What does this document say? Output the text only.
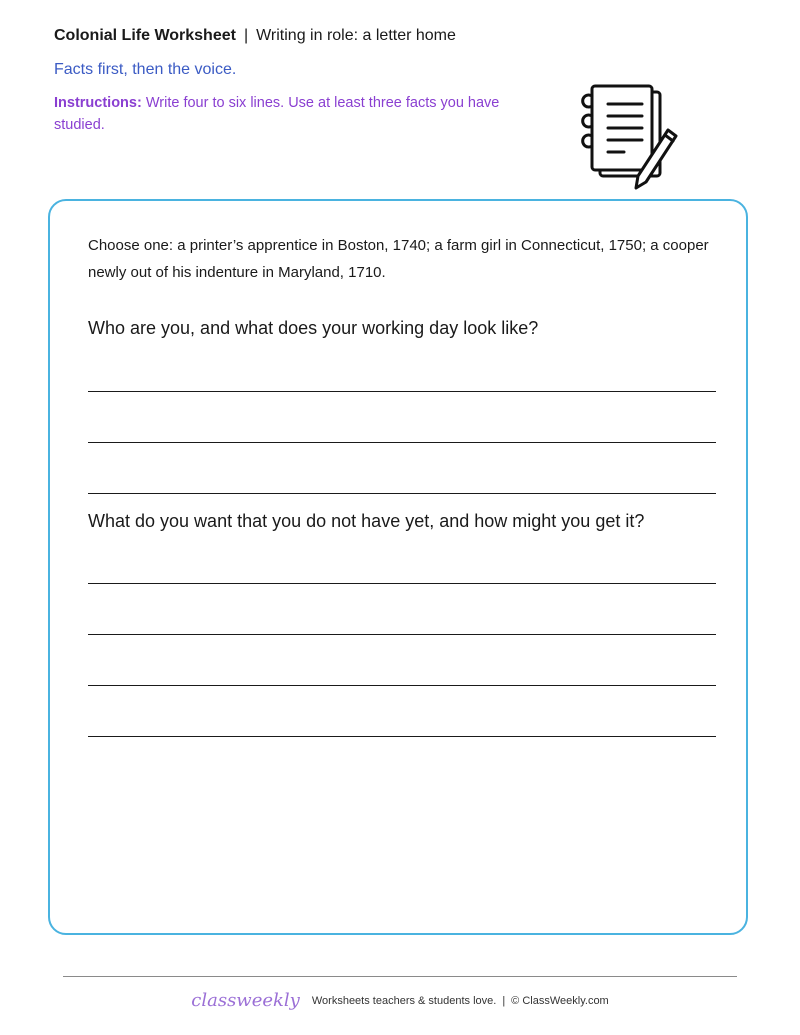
Colonial Life Worksheet | Writing in role: a letter home
Facts first, then the voice.
Instructions: Write four to six lines. Use at least three facts you have studied.
Choose one: a printer’s apprentice in Boston, 1740; a farm girl in Connecticut, 1750; a cooper newly out of his indenture in Maryland, 1710.
Who are you, and what does your working day look like?
What do you want that you do not have yet, and how might you get it?
classweekly Worksheets teachers & students love. | © ClassWeekly.com
